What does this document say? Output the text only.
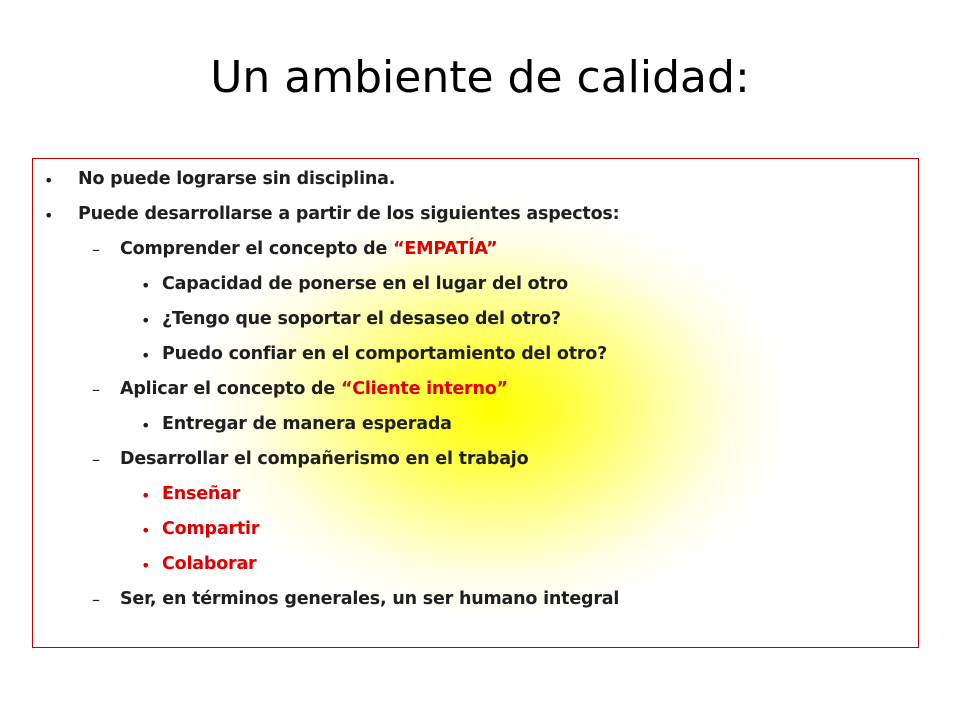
Un ambiente de calidad:
• No puede lograrse sin disciplina.
• Puede desarrollarse a partir de los siguientes aspectos:
– Comprender el concepto de “EMPATÍA”
• Capacidad de ponerse en el lugar del otro
• ¿Tengo que soportar el desaseo del otro?
• Puedo confiar en el comportamiento del otro?
– Aplicar el concepto de “Cliente interno”
• Entregar de manera esperada
– Desarrollar el compañerismo en el trabajo
• Enseñar
• Compartir
• Colaborar
– Ser, en términos generales, un ser humano integral
